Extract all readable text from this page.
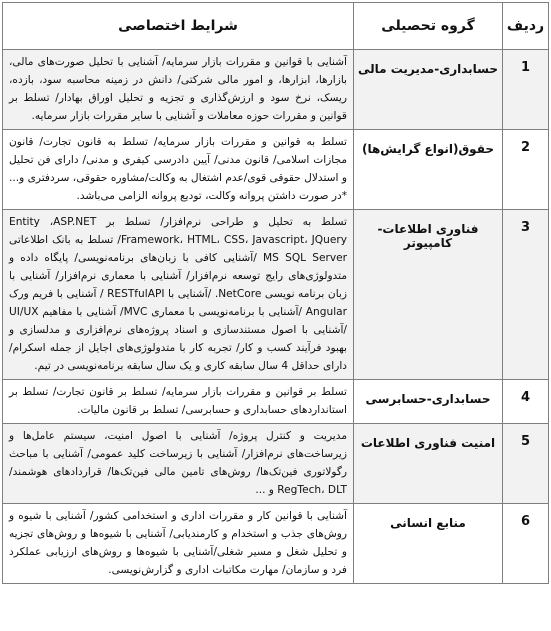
ردیف	گروه تحصیلی	شرایط اختصاصی
1	حسابداری-مدیریت مالی	آشنایی با قوانین و مقررات بازار سرمایه/ آشنایی با تحلیل صورت‌های مالی، بازارها، ابزارها، و امور مالی شرکتی/ دانش در زمینه محاسبه سود، بازده، ریسک، نرخ سود و ارزش‌گذاری و تجزیه و تحلیل اوراق بهادار/ تسلط بر قوانین و مقررات حوزه معاملات و آشنایی با سایر مقررات بازار سرمایه.
2	حقوق(انواع گرایش‌ها)	تسلط به قوانین و مقررات بازار سرمایه/ تسلط به قانون تجارت/ قانون مجازات اسلامی/ قانون مدنی/ آیین دادرسی کیفری و مدنی/ دارای فن تحلیل و استدلال حقوقی قوی/عدم اشتغال به وکالت/مشاوره حقوقی، سردفتری و... *در صورت داشتن پروانه وکالت، تودیع پروانه الزامی می‌باشد.
3	فناوری اطلاعات-کامپیوتر	تسلط به تحلیل و طراحی نرم‌افزار/ تسلط بر Entity ،ASP.NET Framework، HTML، CSS، Javascript، JQuery/ تسلط به بانک اطلاعاتی MS SQL Server /آشنایی کافی با زبان‌های برنامه‌نویسی/ پایگاه داده و متدولوژی‌های رایج توسعه نرم‌افزار/ آشنایی با معماری نرم‌افزار/ آشنایی با زبان برنامه نویسی NetCore. /آشنایی با RESTfulAPI / آشنایی با فریم ورک Angular /آشنایی با برنامه‌نویسی با معماری MVC/ آشنایی با مفاهیم UI/UX /آشنایی با اصول مستندسازی و اسناد پروژه‌های نرم‌افزاری و مدلسازی و بهبود فرآیند کسب و کار/ تجربه کار با متدولوژی‌های اجایل از جمله اسکرام/ دارای حداقل 4 سال سابقه کاری و یک سال سابقه برنامه‌نویسی در تیم.
4	حسابداری-حسابرسی	تسلط بر قوانین و مقررات بازار سرمایه/ تسلط بر قانون تجارت/ تسلط بر استانداردهای حسابداری و حسابرسی/ تسلط بر قانون مالیات.
5	امنیت فناوری اطلاعات	مدیریت و کنترل پروژه/ آشنایی با اصول امنیت، سیستم عامل‌ها و زیرساخت‌های نرم‌افزار/ آشنایی با زیرساخت کلید عمومی/ آشنایی با مباحث رگولاتوری فین‌تک‌ها/ روش‌های تامین مالی فین‌تک‌ها/ قراردادهای هوشمند/ RegTech، DLT و ...
6	منابع انسانی	آشنایی با قوانین کار و مقررات اداری و استخدامی کشور/ آشنایی با شیوه و روش‌های جذب و استخدام و کارمندیابی/ آشنایی با شیوه‌ها و روش‌های تجزیه و تحلیل شغل و مسیر شغلی/آشنایی با شیوه‌ها و روش‌های ارزیابی عملکرد فرد و سازمان/ مهارت مکاتبات اداری و گزارش‌نویسی.
